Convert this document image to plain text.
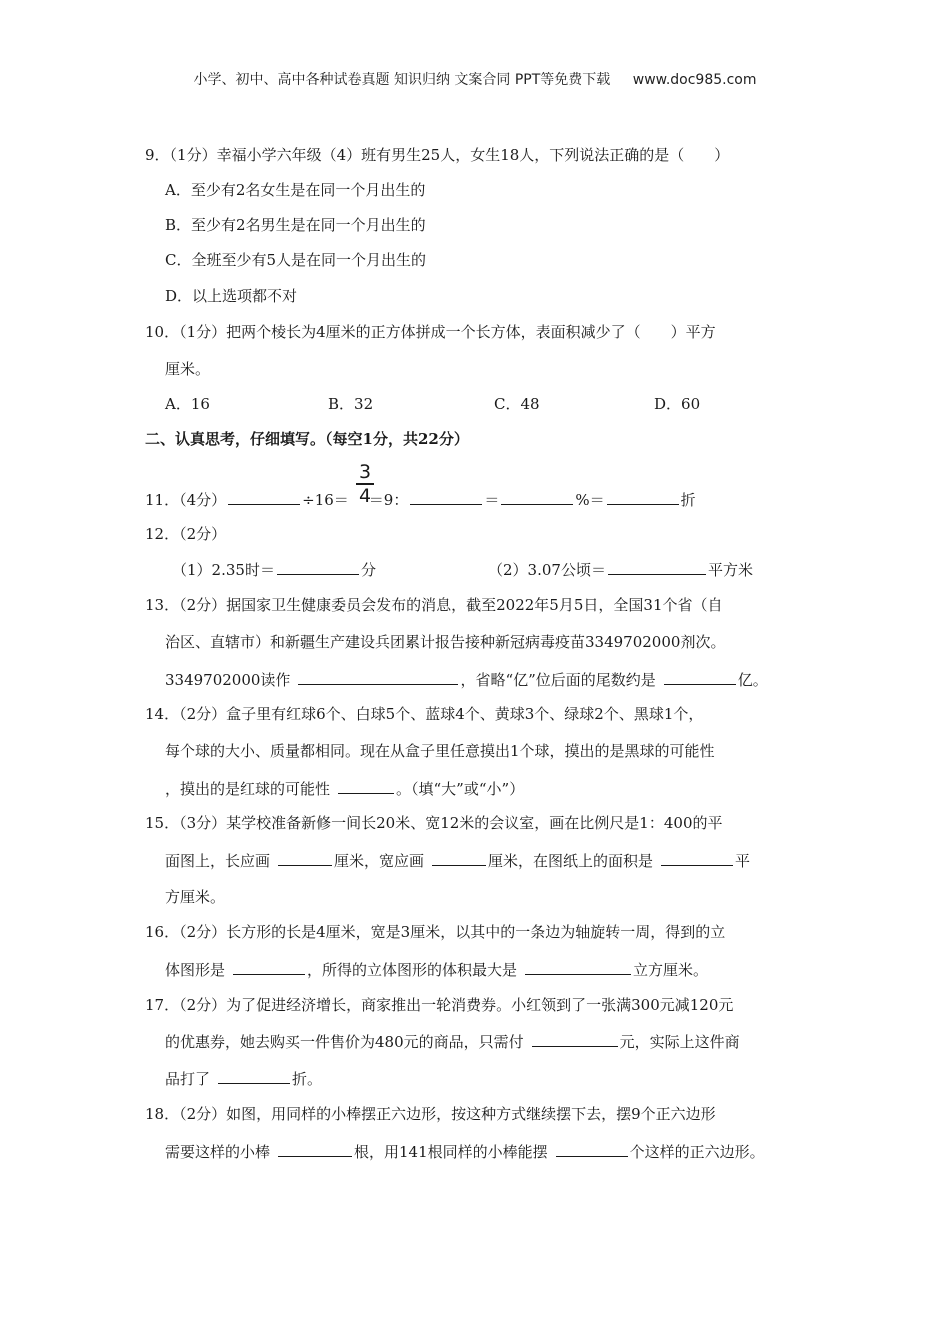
小学、初中、高中各种试卷真题 知识归纳 文案合同 PPT等免费下载 www.doc985.com
9．（1分）幸福小学六年级（4）班有男生25人，女生18人，下列说法正确的是（　　）
A．至少有2名女生是在同一个月出生的
B．至少有2名男生是在同一个月出生的
C．全班至少有5人是在同一个月出生的
D．以上选项都不对
10．（1分）把两个棱长为4厘米的正方体拼成一个长方体，表面积减少了（　　）平方
厘米。
A．16	B．32	C．48	D．60
二、认真思考，仔细填写。（每空1分，共22分）
3
4
11．（4分）	÷16＝ ＝9：	＝	%＝	折
12．（2分）
（1）2.35时＝	分	（2）3.07公顷＝	平方米
13．（2分）据国家卫生健康委员会发布的消息，截至2022年5月5日，全国31个省（自
治区、直辖市）和新疆生产建设兵团累计报告接种新冠病毒疫苗3349702000剂次。
3349702000读作	，省略“亿”位后面的尾数约是	亿。
14．（2分）盒子里有红球6个、白球5个、蓝球4个、黄球3个、绿球2个、黑球1个，
每个球的大小、质量都相同。现在从盒子里任意摸出1个球，摸出的是黑球的可能性
，摸出的是红球的可能性	。（填“大”或“小”）
15．（3分）某学校准备新修一间长20米、宽12米的会议室，画在比例尺是1：400的平
面图上，长应画	厘米，宽应画	厘米，在图纸上的面积是	平
方厘米。
16．（2分）长方形的长是4厘米，宽是3厘米，以其中的一条边为轴旋转一周，得到的立
体图形是	，所得的立体图形的体积最大是	立方厘米。
17．（2分）为了促进经济增长，商家推出一轮消费券。小红领到了一张满300元减120元
的优惠券，她去购买一件售价为480元的商品，只需付	元，实际上这件商
品打了	折。
18．（2分）如图，用同样的小棒摆正六边形，按这种方式继续摆下去，摆9个正六边形
需要这样的小棒	根，用141根同样的小棒能摆	个这样的正六边形。
